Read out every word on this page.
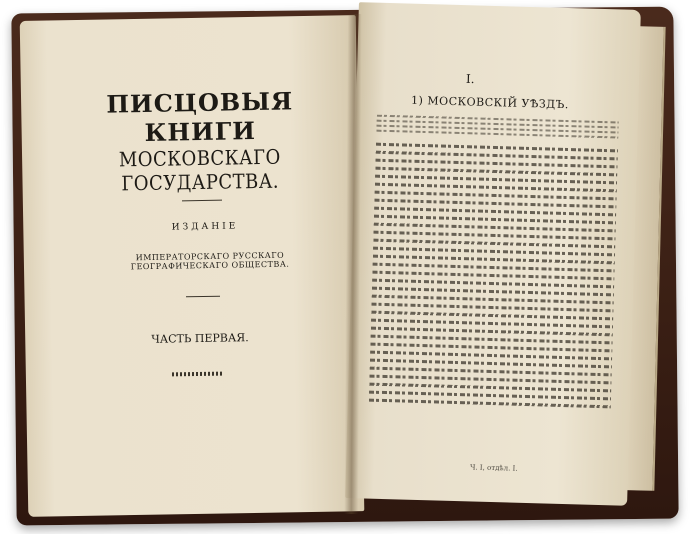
ПИСЦОВЫЯ КНИГИ
МОСКОВСКАГО ГОСУДАРСТВА.
ИЗДАНІЕ
ИМПЕРАТОРСКАГО РУССКАГО ГЕОГРАФИЧЕСКАГО ОБЩЕСТВА.
ЧАСТЬ ПЕРВАЯ.
I.
1) МОСКОВСКІЙ УѢЗДЪ.
Ч. I, отдѣл. I.
